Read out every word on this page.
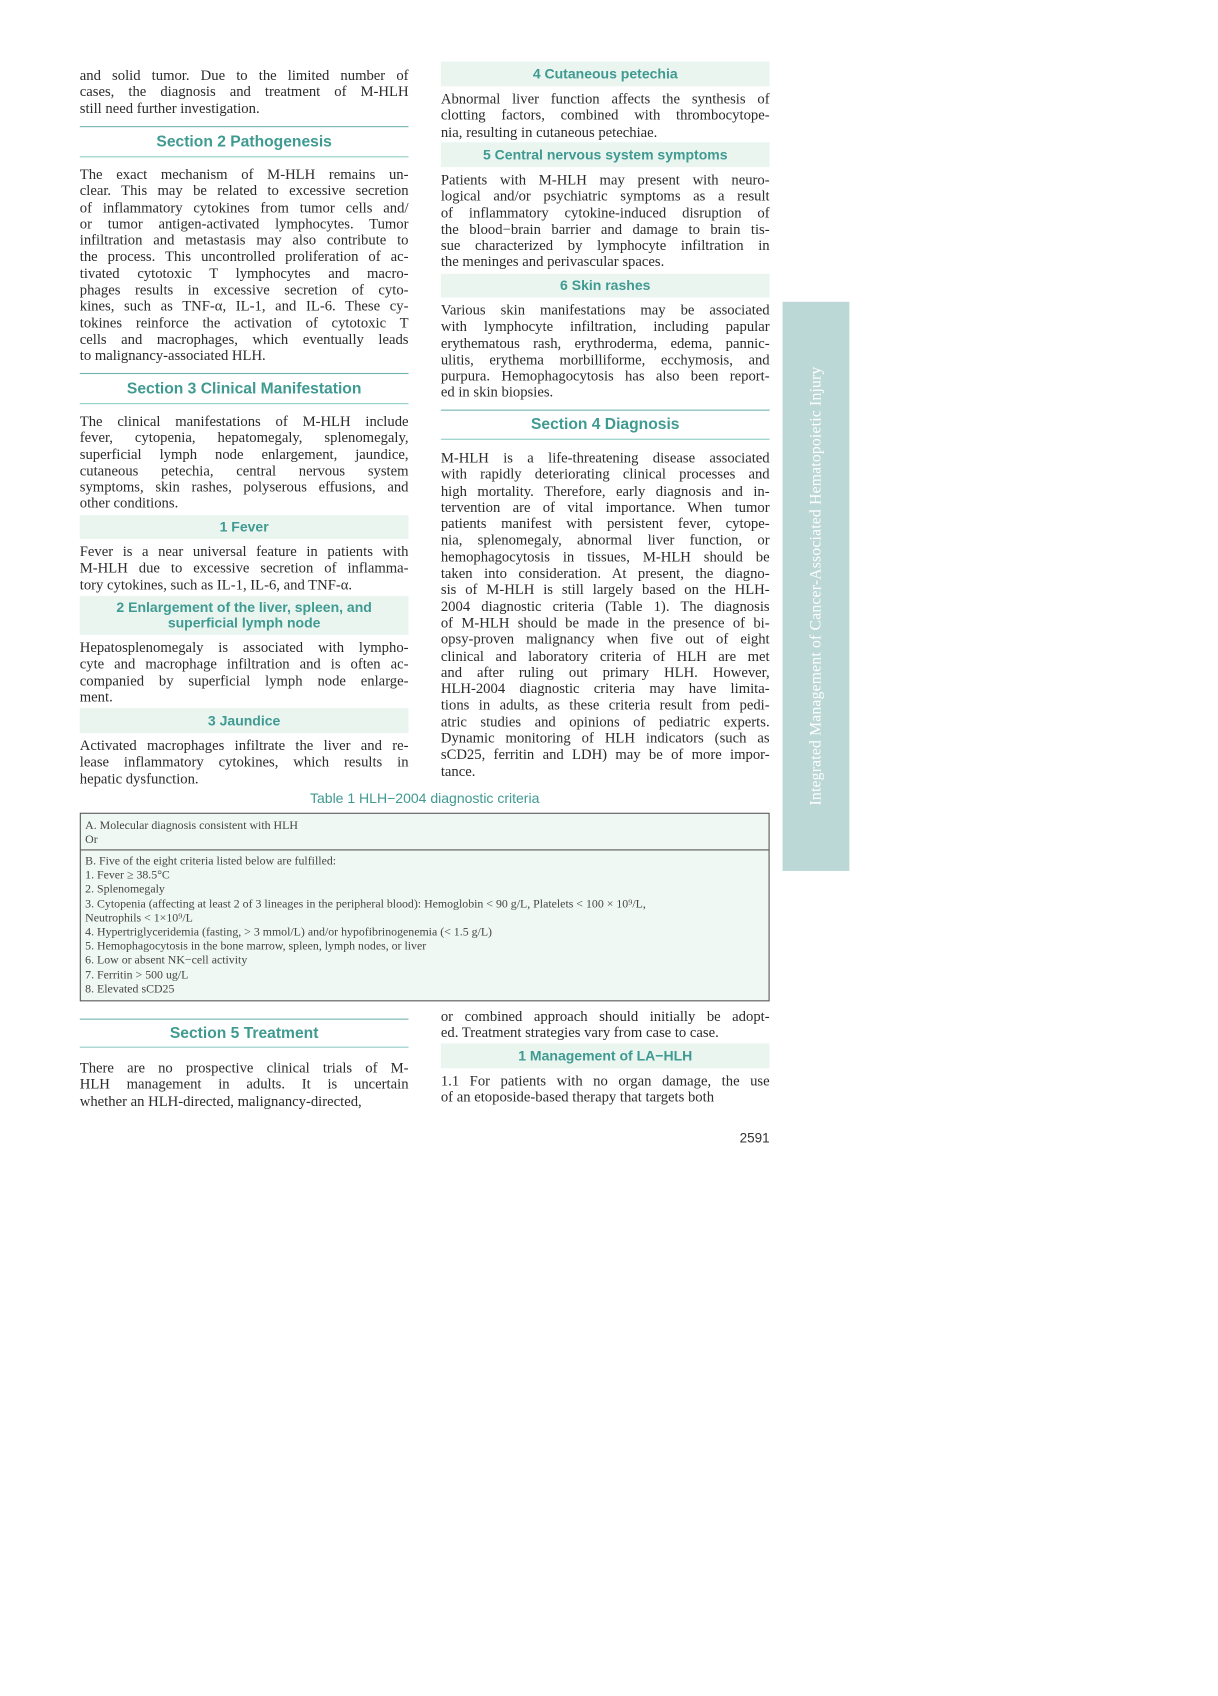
and solid tumor. Due to the limited number of
cases, the diagnosis and treatment of M-HLH
still need further investigation.
Section 2 Pathogenesis
The exact mechanism of M-HLH remains un-
clear. This may be related to excessive secretion
of inflammatory cytokines from tumor cells and/
or tumor antigen-activated lymphocytes. Tumor
infiltration and metastasis may also contribute to
the process. This uncontrolled proliferation of ac-
tivated cytotoxic T lymphocytes and macro-
phages results in excessive secretion of cyto-
kines, such as TNF-α, IL-1, and IL-6. These cy-
tokines reinforce the activation of cytotoxic T
cells and macrophages, which eventually leads
to malignancy-associated HLH.
Section 3 Clinical Manifestation
The clinical manifestations of M-HLH include
fever, cytopenia, hepatomegaly, splenomegaly,
superficial lymph node enlargement, jaundice,
cutaneous petechia, central nervous system
symptoms, skin rashes, polyserous effusions, and
other conditions.
1 Fever
Fever is a near universal feature in patients with
M-HLH due to excessive secretion of inflamma-
tory cytokines, such as IL-1, IL-6, and TNF-α.
2 Enlargement of the liver, spleen, and
superficial lymph node
Hepatosplenomegaly is associated with lympho-
cyte and macrophage infiltration and is often ac-
companied by superficial lymph node enlarge-
ment.
3 Jaundice
Activated macrophages infiltrate the liver and re-
lease inflammatory cytokines, which results in
hepatic dysfunction.
4 Cutaneous petechia
Abnormal liver function affects the synthesis of
clotting factors, combined with thrombocytope-
nia, resulting in cutaneous petechiae.
5 Central nervous system symptoms
Patients with M-HLH may present with neuro-
logical and/or psychiatric symptoms as a result
of inflammatory cytokine-induced disruption of
the blood−brain barrier and damage to brain tis-
sue characterized by lymphocyte infiltration in
the meninges and perivascular spaces.
6 Skin rashes
Various skin manifestations may be associated
with lymphocyte infiltration, including papular
erythematous rash, erythroderma, edema, pannic-
ulitis, erythema morbilliforme, ecchymosis, and
purpura. Hemophagocytosis has also been report-
ed in skin biopsies.
Section 4 Diagnosis
M-HLH is a life-threatening disease associated
with rapidly deteriorating clinical processes and
high mortality. Therefore, early diagnosis and in-
tervention are of vital importance. When tumor
patients manifest with persistent fever, cytope-
nia, splenomegaly, abnormal liver function, or
hemophagocytosis in tissues, M-HLH should be
taken into consideration. At present, the diagno-
sis of M-HLH is still largely based on the HLH-
2004 diagnostic criteria (Table 1). The diagnosis
of M-HLH should be made in the presence of bi-
opsy-proven malignancy when five out of eight
clinical and laboratory criteria of HLH are met
and after ruling out primary HLH. However,
HLH-2004 diagnostic criteria may have limita-
tions in adults, as these criteria result from pedi-
atric studies and opinions of pediatric experts.
Dynamic monitoring of HLH indicators (such as
sCD25, ferritin and LDH) may be of more impor-
tance.
Table 1 HLH−2004 diagnostic criteria
A. Molecular diagnosis consistent with HLH
Or
B. Five of the eight criteria listed below are fulfilled:
1. Fever ≥ 38.5°C
2. Splenomegaly
3. Cytopenia (affecting at least 2 of 3 lineages in the peripheral blood): Hemoglobin < 90 g/L, Platelets < 100 × 10⁹/L,
Neutrophils < 1×10⁹/L
4. Hypertriglyceridemia (fasting, > 3 mmol/L) and/or hypofibrinogenemia (< 1.5 g/L)
5. Hemophagocytosis in the bone marrow, spleen, lymph nodes, or liver
6. Low or absent NK−cell activity
7. Ferritin > 500 ug/L
8. Elevated sCD25
Section 5 Treatment
There are no prospective clinical trials of M-
HLH management in adults. It is uncertain
whether an HLH-directed, malignancy-directed,
or combined approach should initially be adopt-
ed. Treatment strategies vary from case to case.
1 Management of LA−HLH
1.1 For patients with no organ damage, the use
of an etoposide-based therapy that targets both
2591
Integrated Management of Cancer-Associated Hematopoietic Injury
